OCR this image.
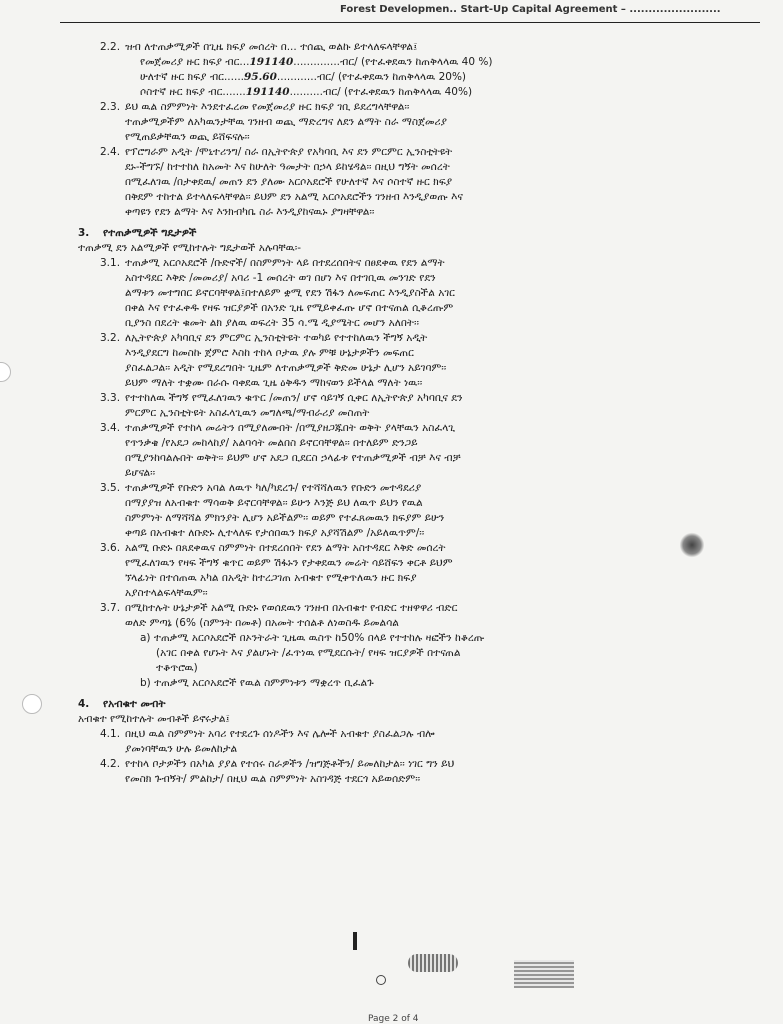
Forest Developmen.. Start-Up Capital Agreement – ........................
2.2. ዝብ ለተጠቃሚዎች በጊዜ ክፍያ መሰረት በ... ተሰጪ ወልኩ ይተላለፍላቸዋል፤
የመጀመሪያ ዙር ክፍያ ብር...191140..............ብር/ (የተፈቀደዉን ከጠቅላላዉ 40 %)
ሁለተኛ ዙር ክፍያ ብር......95.60............ብር/ (የተፈቀደዉን ከጠቅላላዉ 20%)
ሶስተኛ ዙር ክፍያ ብር.......191140..........ብር/ (የተፈቀደዉን ከጠቅላላዉ 40%)
2.3. ይህ ዉል ስምምነት እንደተፈረመ የመጀመሪያ ዙር ክፍያ ገቢ ይደረግላቸዋል፡፡
ተጠቃሚዎችም ለአካዉንታቸዉ ገንዘብ ወጪ ማድረግና ለደን ልማት ስራ ማስጀመሪያ
የሚጠይቃቸዉን ወጪ ይሸፍናሉ፡፡
2.4. የፕሮግራም አዲት /ሞኒተሪንግ/ ስራ በኢትዮጵያ የአካባቢ እና ደን ምርምር ኢንስቲትዩት
ደኑ-ችግኙ/ ከተተከለ ከአመት እና ከሁለት ዓመታት በኃላ ይከሄዳል፡፡ በዚህ ግኝት መሰረት
በሚፈለገዉ /በታቀደዉ/ መጠን ደን ያለሙ አርሶአደሮች የሁለተኛ እና ሶስተኛ ዙር ክፍያ
በቅደም ተከተል ይተላለፍላቸዋል፡፡ ይህም ደን አልሚ አርሶአደሮችን ገንዘብ እንዲያወጡ እና
ቀጣዩን የደን ልማት እና እንክብካቤ ስራ እንዲያከናዉኑ ያግዛቸዋል፡፡
3. የተጠቃሚዎች ግዴታዎች
ተጠቃሚ ደን አልሚዎች የሚከተሉት ግዴታወች አሉባቸዉ፡-
3.1. ተጠቃሚ አርሶአደሮች /ቡድኖች/ በስምምነት ላይ በተደረሰበትና በፀደቀዉ የደን ልማት
አስተዳደር እቅድ /መመሪያ/ አባሪ -1 መሰረት ወገ በሆነ እና በተገቢዉ መንገድ የደን
ልማቱን መተግበር ይኖርባቸዋል፤በተለይም ቋሚ የደን ሽፋን ለመፍጠር እንዲያስችል አገር
በቀል እና የተፈቀዱ የዛፍ ዝርያዎች በአንድ ጊዜ የሚይቀፈጡ ሆኖ በተናጠል ሲቆረጡም
ቢያንስ በደረት ቁመት ልክ ያለዉ ወፍረት 35 ሳ.ሜ ዲያሜትር መሆን አለበት፡፡
3.2. ለኢትዮጵያ አካባቢና ደን ምርምር ኢንስቲትዩት ተወካይ የተተከለዉን ችግኝ አዲት
እንዲያደርግ ከመስኩ ጀምሮ እስከ ተከላ ቦታዉ ያሉ ምቹ ሁኔታዎችን መፍጠር
ያስፈልጋል፡፡ አዲት የሚደረግበት ጊዜም ለተጠቃሚዎች ቅድመ ሁኔታ ሊሆን አይገባም፡፡
ይህም ማለት ተቋሙ በራሱ ባቀደዉ ጊዜ ዕቅዱን ማከናወን ይችላል ማለት ነዉ፡፡
3.3. የተተከለዉ ችግኝ የሚፈለገዉን ቁጥር /መጠን/ ሆኖ ሳይገኝ ሲቀር ለኢትዮጵያ አካባቢና ደን
ምርምር ኢንስቲትዩት አስፈላጊዉን መግለጫ/ማብራሪያ መስጠት
3.4. ተጠቃሚዎች የተከላ መሬትን በሚያለሙበት /በሚያዘጋጁበት ወቅት ያላቸዉን አስፈላጊ
የጥንቃቄ /የአደጋ መከላከያ/ አልባሳት መልበስ ይኖርባቸዋል፡፡ በተለይም ድንጋይ
በሚያንከባልሉበት ወቅት፡፡ ይህም ሆኖ አደጋ ቢደርስ ኃላፊቱ የተጠቃሚዎች ብቻ እና ብቻ
ይሆናል፡፡
3.5. ተጠቃሚዎች የቡድን አባል ለዉጥ ካለ/ካደረጉ/ የተሻሻለዉን የቡድን መተዳደሪያ
በማያያዝ ለአብቁተ ማሳወቅ ይኖርባቸዋል፡፡ ይሁን እንጅ ይህ ለዉጥ ይህን የዉል
ስምምነት ለማሻሻል ምክንያት ሊሆን አይችልም፡፡ ወይም የተፈጸመዉን ክፍያም ይሁን
ቀጣይ በአብቁተ ለቡድኑ ሊተላለፍ የታሰበዉን ክፍያ አያሻሽልም /አይለዉጥም/፡፡
3.6. አልሚ ቡድኑ በጸደቀዉና ስምምነት በተደረሰበት የደን ልማት አስተዳደር እቅድ መሰረት
የሚፈለገዉን የዛፍ ችግኝ ቁጥር ወይም ሽፋኑን የታቀደዉን መሬት ሳይሸፍን ቀርቶ ይህም
ኘላፊነት በተሰጠዉ አካል በአዲት ከተረጋገጠ አብቁተ የሚቀጥለዉን ዙር ክፍያ
አያስተላልፍላቸዉም፡፡
3.7. በሚከተሉት ሁኔታዎች አልሚ ቡድኑ የወሰደዉን ገንዘብ በአብቁተ የብድር ተዘዋዋሪ ብድር
ወለድ ምጣኔ (6% (ስምንት በመቶ) በአመት ተሰልቶ ለነወስዱ ይመልሳል
a) ተጠቃሚ አርሶአደሮች በኦንትራት ጊዜዉ ዉስጥ ከ50% በላይ የተተከሉ ዛፎችን ከቆረጡ
(አገር በቀል የሆኑት እና ያልሆኑት /ፈጥነዉ የሚደርሱት/ የዛፍ ዝርያዎች በተናጠል
ተቆጥሮዉ)
b) ተጠቃሚ አርሶአደሮች የዉል ስምምነቱን ማቋረጥ ቢፈልጉ
4. የአብቁተ መብት
አብቁተ የሚከተሉት መብቶች ይኖሩታል፤
4.1. በዚህ ዉል ስምምነት አባሪ የተደረጉ ሰነዶችን እና ሌሎች አብቁተ ያስፈልጋሉ ብሎ
ያመነባቸዉን ሁሉ ይመለከታል
4.2. የተከላ ቦታዎችን በአካል ያያል የተሰሩ ስራዎችን /ዝግጅቶችን/ ይመለከታል፡፡ ነገር ግን ይህ
የመስክ ጉብኝት/ ምልከታ/ በዚህ ዉል ስምምነት አስገዳጅ ተደርጎ አይወሰድም፡፡
Page 2 of 4
